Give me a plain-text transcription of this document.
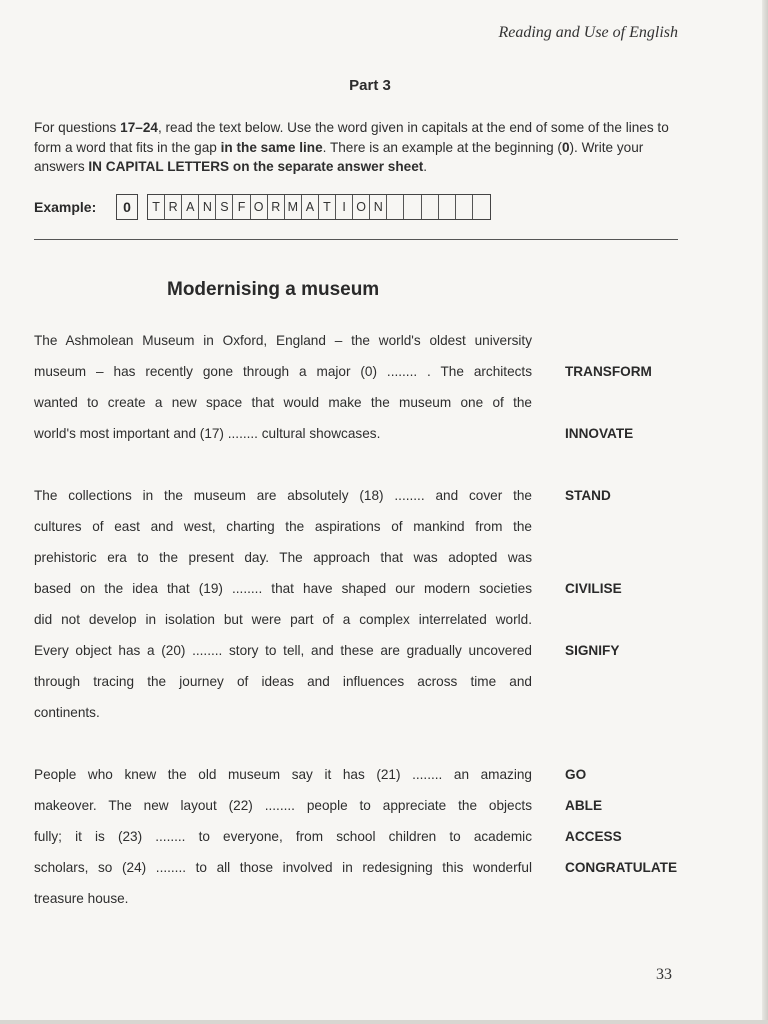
Reading and Use of English
Part 3
For questions 17–24, read the text below. Use the word given in capitals at the end of some of the lines to form a word that fits in the gap in the same line. There is an example at the beginning (0). Write your answers IN CAPITAL LETTERS on the separate answer sheet.
Example:	0	T R A N S F O R M A T I O N
Modernising a museum
The Ashmolean Museum in Oxford, England – the world's oldest university
museum – has recently gone through a major (0) ........ . The architects
wanted to create a new space that would make the museum one of the
world's most important and (17) ........ cultural showcases.
The collections in the museum are absolutely (18) ........ and cover the
cultures of east and west, charting the aspirations of mankind from the
prehistoric era to the present day. The approach that was adopted was
based on the idea that (19) ........ that have shaped our modern societies
did not develop in isolation but were part of a complex interrelated world.
Every object has a (20) ........ story to tell, and these are gradually uncovered
through tracing the journey of ideas and influences across time and
continents.
People who knew the old museum say it has (21) ........ an amazing
makeover. The new layout (22) ........ people to appreciate the objects
fully; it is (23) ........ to everyone, from school children to academic
scholars, so (24) ........ to all those involved in redesigning this wonderful
treasure house.
TRANSFORM
INNOVATE
STAND
CIVILISE
SIGNIFY
GO
ABLE
ACCESS
CONGRATULATE
33
